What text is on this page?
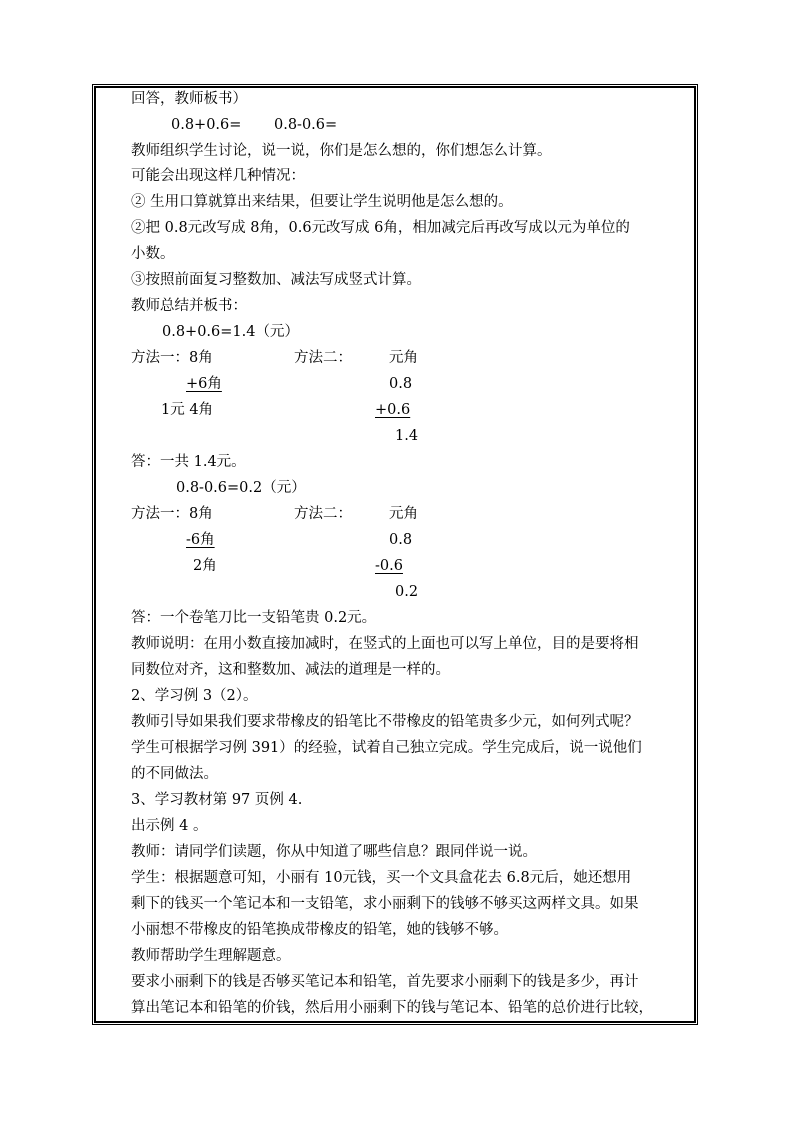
回答，教师板书）

0.8+0.6= 0.8-0.6=

教师组织学生讨论，说一说，你们是怎么想的，你们想怎么计算。

可能会出现这样几种情况：

② 生用口算就算出来结果，但要让学生说明他是怎么想的。

②把 0.8元改写成 8角，0.6元改写成 6角，相加减完后再改写成以元为单位的

小数。

③按照前面复习整数加、减法写成竖式计算。

教师总结并板书：

0.8+0.6=1.4（元）

方法一：8角	方法二：	元角

+6角	0.8

1元 4角	+0.6

1.4

答：一共 1.4元。

0.8-0.6=0.2（元）

方法一：8角	方法二：	元角

-6角	0.8

2角	-0.6

0.2

答：一个卷笔刀比一支铅笔贵 0.2元。

教师说明：在用小数直接加减时，在竖式的上面也可以写上单位，目的是要将相

同数位对齐，这和整数加、减法的道理是一样的。

2、学习例 3（2）。

教师引导如果我们要求带橡皮的铅笔比不带橡皮的铅笔贵多少元，如何列式呢？

学生可根据学习例 391）的经验，试着自己独立完成。学生完成后，说一说他们

的不同做法。

3、学习教材第 97 页例 4.

出示例 4 。

教师：请同学们读题，你从中知道了哪些信息？跟同伴说一说。

学生：根据题意可知，小丽有 10元钱，买一个文具盒花去 6.8元后，她还想用

剩下的钱买一个笔记本和一支铅笔，求小丽剩下的钱够不够买这两样文具。如果

小丽想不带橡皮的铅笔换成带橡皮的铅笔，她的钱够不够。

教师帮助学生理解题意。

要求小丽剩下的钱是否够买笔记本和铅笔，首先要求小丽剩下的钱是多少，再计

算出笔记本和铅笔的价钱，然后用小丽剩下的钱与笔记本、铅笔的总价进行比较，
